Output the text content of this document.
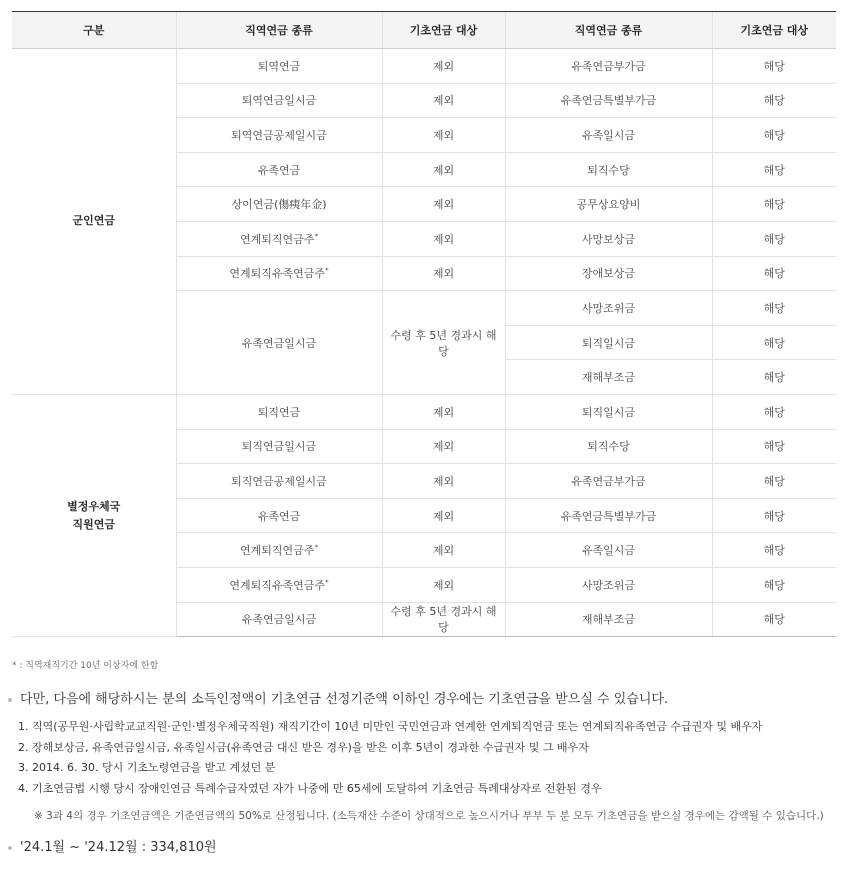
구분	직역연금 종류	기초연금 대상	직역연금 종류	기초연금 대상
군인연금	퇴역연금	제외	유족연금부가금	해당
	퇴역연금일시금	제외	유족연금특별부가금	해당
	퇴역연금공제일시금	제외	유족일시금	해당
	유족연금	제외	퇴직수당	해당
	상이연금(傷痍年金)	제외	공무상요양비	해당
	연계퇴직연금주*	제외	사망보상금	해당
	연계퇴직유족연금주*	제외	장애보상금	해당
	유족연금일시금	수령 후 5년 경과시 해당	사망조위금	해당
			퇴직일시금	해당
			재해부조금	해당
별정우체국
직원연금	퇴직연금	제외	퇴직일시금	해당
	퇴직연금일시금	제외	퇴직수당	해당
	퇴직연금공제일시금	제외	유족연금부가금	해당
	유족연금	제외	유족연금특별부가금	해당
	연계퇴직연금주*	제외	유족일시금	해당
	연계퇴직유족연금주*	제외	사망조위금	해당
	유족연금일시금	수령 후 5년 경과시 해당	재해부조금	해당
* : 직역재직기간 10년 이상자에 한함
다만, 다음에 해당하시는 분의 소득인정액이 기초연금 선정기준액 이하인 경우에는 기초연금을 받으실 수 있습니다.
1. 직역(공무원·사립학교교직원·군인·별정우체국직원) 재직기간이 10년 미만인 국민연금과 연계한 연계퇴직연금 또는 연계퇴직유족연금 수급권자 및 배우자
2. 장해보상금, 유족연금일시금, 유족일시금(유족연금 대신 받은 경우)을 받은 이후 5년이 경과한 수급권자 및 그 배우자
3. 2014. 6. 30. 당시 기초노령연금을 받고 계셨던 분
4. 기초연금법 시행 당시 장애인연금 특례수급자였던 자가 나중에 만 65세에 도달하여 기초연금 특례대상자로 전환된 경우
※ 3과 4의 경우 기초연금액은 기준연금액의 50%로 산정됩니다. (소득재산 수준이 상대적으로 높으시거나 부부 두 분 모두 기초연금을 받으실 경우에는 감액될 수 있습니다.)
'24.1월 ~ '24.12월 : 334,810원
